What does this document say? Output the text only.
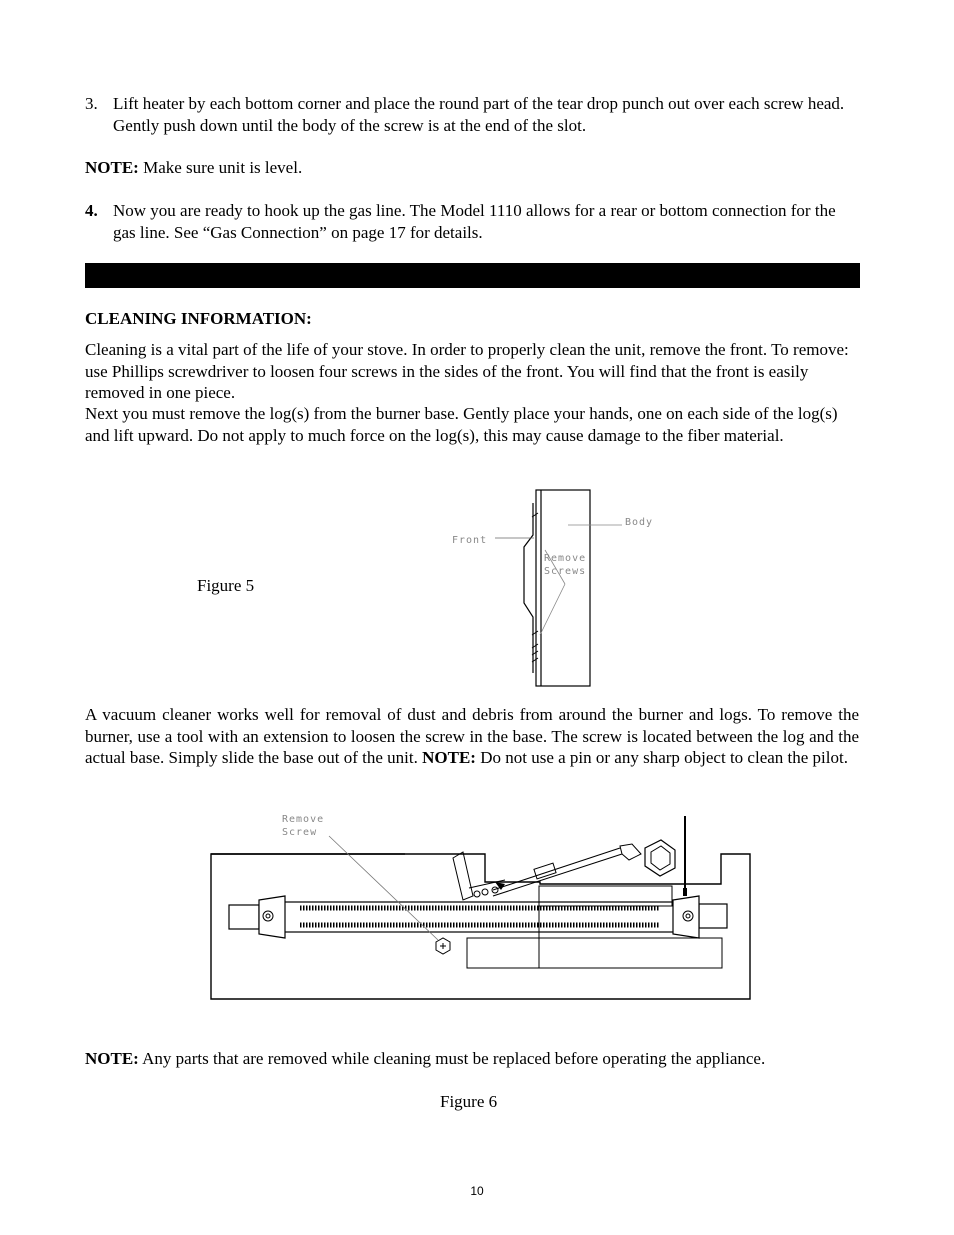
3. Lift heater by each bottom corner and place the round part of the tear drop punch out over each screw head. Gently push down until the body of the screw is at the end of the slot.
NOTE: Make sure unit is level.
4. Now you are ready to hook up the gas line. The Model 1110 allows for a rear or bottom connection for the gas line. See “Gas Connection” on page 17 for details.
CLEANING INFORMATION:
Cleaning is a vital part of the life of your stove. In order to properly clean the unit, remove the front. To remove: use Phillips screwdriver to loosen four screws in the sides of the front. You will find that the front is easily removed in one piece.
Next you must remove the log(s) from the burner base. Gently place your hands, one on each side of the log(s) and lift upward. Do not apply to much force on the log(s), this may cause damage to the fiber material.
Figure 5
Front
Body
Remove
Screws
A vacuum cleaner works well for removal of dust and debris from around the burner and logs. To remove the burner, use a tool with an extension to loosen the screw in the base. The screw is located between the log and the actual base. Simply slide the base out of the unit. NOTE: Do not use a pin or any sharp object to clean the pilot.
Remove
Screw
NOTE: Any parts that are removed while cleaning must be replaced before operating the appliance.
Figure 6
10
